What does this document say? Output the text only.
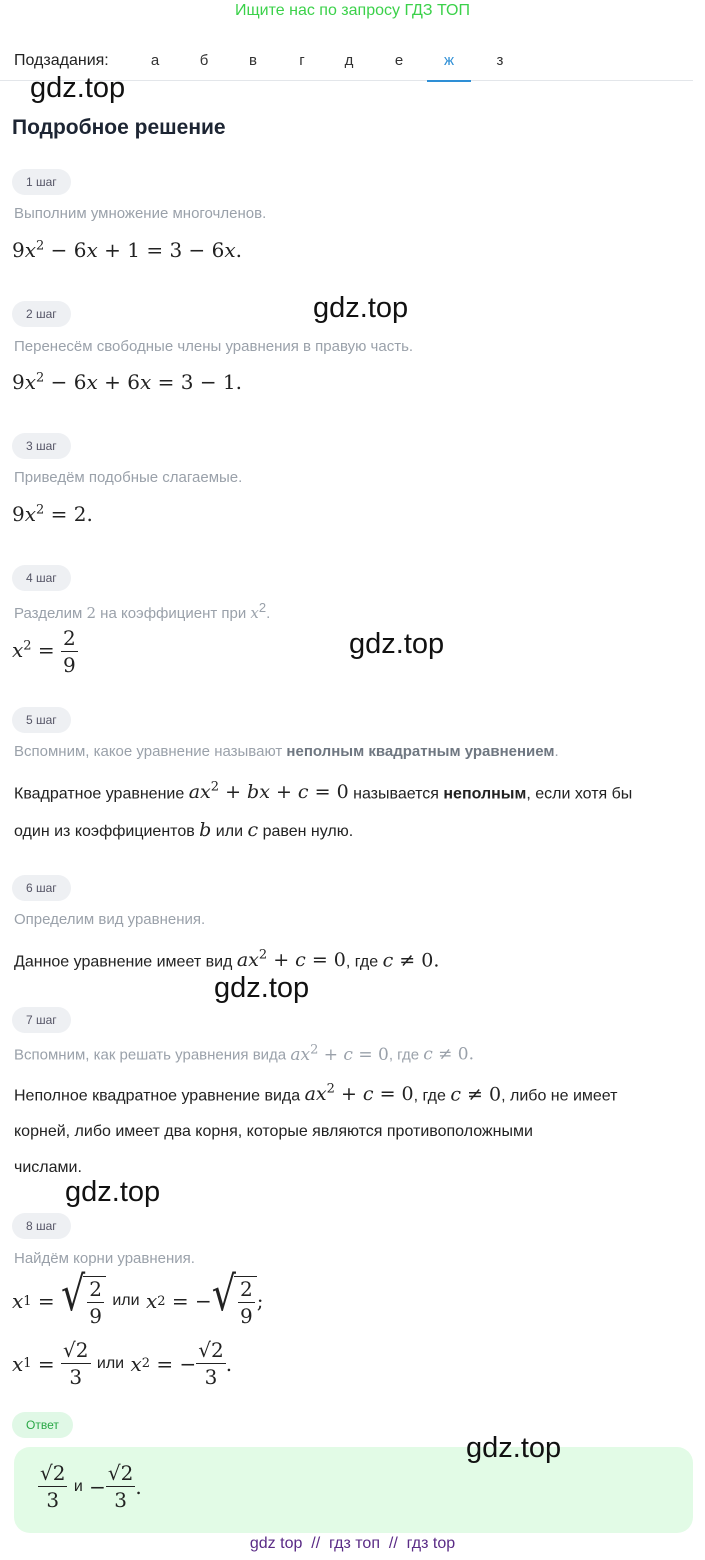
Ищите нас по запросу ГДЗ ТОП
Подзадания:	а	б	в	г	д	е	ж	з
gdz.top
Подробное решение
1 шаг
Выполним умножение многочленов.
$9x^2 - 6x + 1 = 3 - 6x$.
gdz.top
2 шаг
Перенесём свободные члены уравнения в правую часть.
$9x^2 - 6x + 6x = 3 - 1$.
3 шаг
Приведём подобные слагаемые.
$9x^2 = 2$.
4 шаг
Разделим 2 на коэффициент при $x^2$.
$x^2 = \frac{2}{9}$	gdz.top
5 шаг
Вспомним, какое уравнение называют неполным квадратным уравнением.
Квадратное уравнение $ax^2$ + bx + c = 0 называется неполным, если хотя бы
один из коэффициентов b или c равен нулю.
6 шаг
Определим вид уравнения.
Данное уравнение имеет вид $ax^2 + c = 0$, где c ≠ 0.
gdz.top
7 шаг
Вспомним, как решать уравнения вида $ax^2 + c = 0$, где c ≠ 0.
Неполное квадратное уравнение вида $ax^2 + c = 0$, где c ≠ 0, либо не имеет
корней, либо имеет два корня, которые являются противоположными
числами.
gdz.top
8 шаг
Найдём корни уравнения.
x 1 = √ $\frac{2}{9}$
или
x 2 = − √ $\frac{2}{9}$ ;
x $1 = \frac{√2}{3}$
или
x 2 = − $\frac{√2}{3}$ .
Ответ
$\frac{√2}{3}$
$и - \frac{√2}{3}$ .
gdz.top
gdz top  //  гдз топ  //  гдз top
